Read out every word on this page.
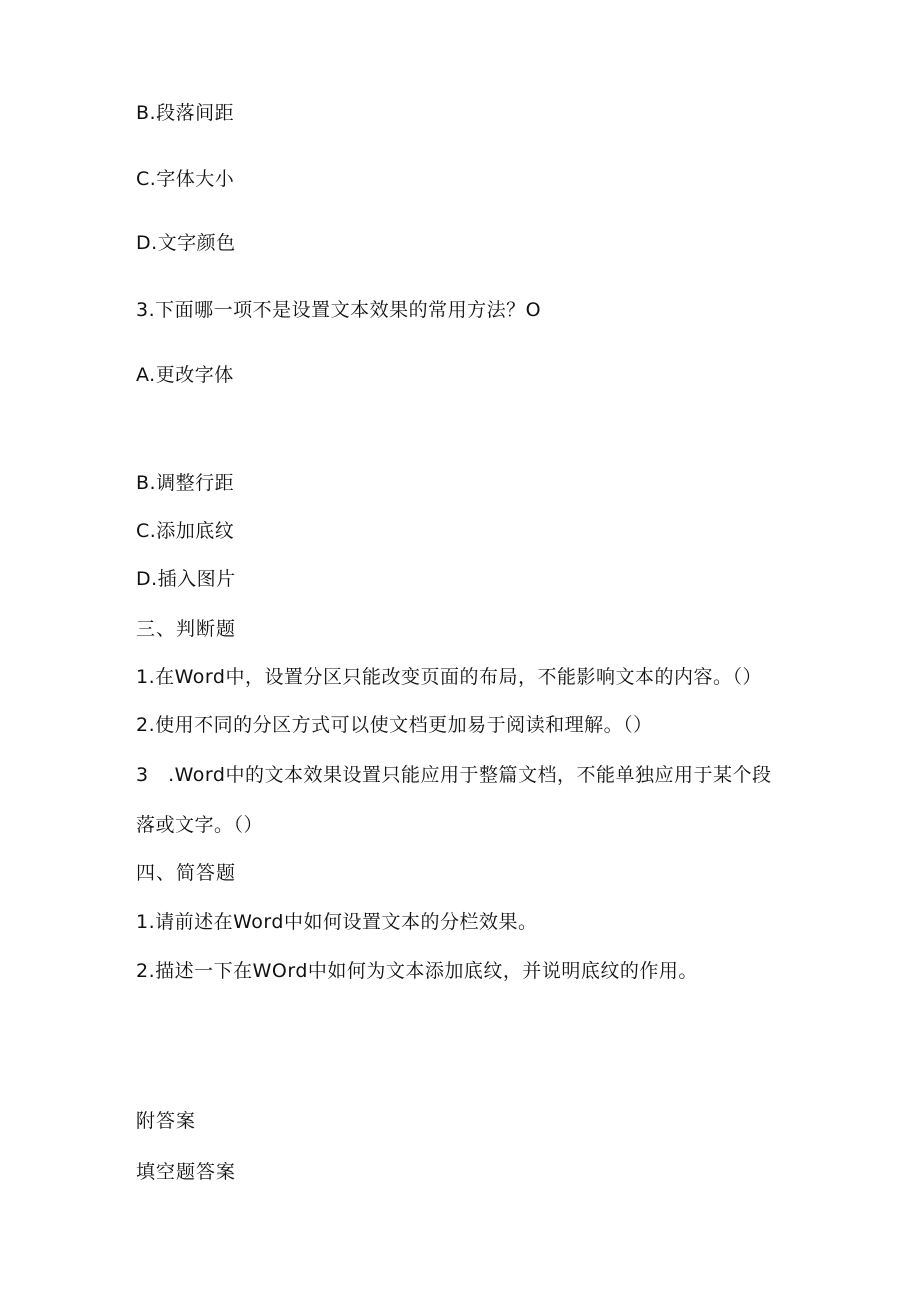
B.段落间距
C.字体大小
D.文字颜色
3.下面哪一项不是设置文本效果的常用方法？O
A.更改字体
B.调整行距
C.添加底纹
D.插入图片
三、判断题
1.在Word中，设置分区只能改变页面的布局，不能影响文本的内容。（）
2.使用不同的分区方式可以使文档更加易于阅读和理解。（）
3　.Word中的文本效果设置只能应用于整篇文档，不能单独应用于某个段
落或文字。（）
四、简答题
1.请前述在Word中如何设置文本的分栏效果。
2.描述一下在WOrd中如何为文本添加底纹，并说明底纹的作用。
附答案
填空题答案
